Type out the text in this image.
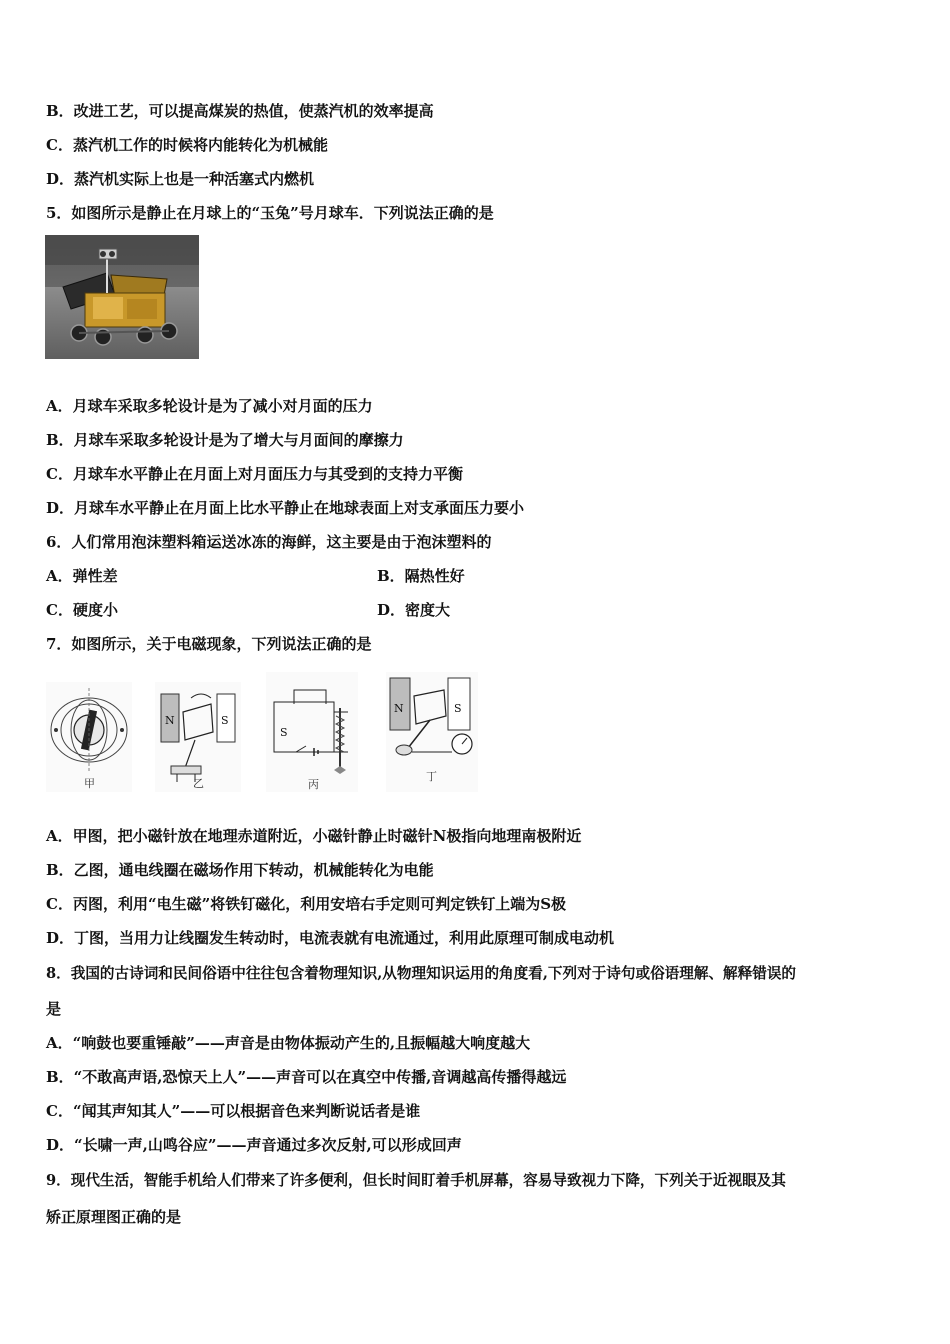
B．改进工艺，可以提高煤炭的热值，使蒸汽机的效率提高
C．蒸汽机工作的时候将内能转化为机械能
D．蒸汽机实际上也是一种活塞式内燃机
5．如图所示是静止在月球上的“玉兔”号月球车．下列说法正确的是
A．月球车采取多轮设计是为了减小对月面的压力
B．月球车采取多轮设计是为了增大与月面间的摩擦力
C．月球车水平静止在月面上对月面压力与其受到的支持力平衡
D．月球车水平静止在月面上比水平静止在地球表面上对支承面压力要小
6．人们常用泡沫塑料箱运送冰冻的海鲜，这主要是由于泡沫塑料的
A．弹性差	B．隔热性好
C．硬度小	D．密度大
7．如图所示，关于电磁现象，下列说法正确的是
甲
N	S
乙
S
丙
N	S
丁
A．甲图，把小磁针放在地理赤道附近，小磁针静止时磁针N极指向地理南极附近
B．乙图，通电线圈在磁场作用下转动，机械能转化为电能
C．丙图，利用“电生磁”将铁钉磁化，利用安培右手定则可判定铁钉上端为S极
D．丁图，当用力让线圈发生转动时，电流表就有电流通过，利用此原理可制成电动机
8．我国的古诗词和民间俗语中往往包含着物理知识,从物理知识运用的角度看,下列对于诗句或俗语理解、解释错误的
是
A．“响鼓也要重锤敲”——声音是由物体振动产生的,且振幅越大响度越大
B．“不敢高声语,恐惊天上人”——声音可以在真空中传播,音调越高传播得越远
C．“闻其声知其人”——可以根据音色来判断说话者是谁
D．“长啸一声,山鸣谷应”——声音通过多次反射,可以形成回声
9．现代生活，智能手机给人们带来了许多便利，但长时间盯着手机屏幕，容易导致视力下降，下列关于近视眼及其
矫正原理图正确的是
